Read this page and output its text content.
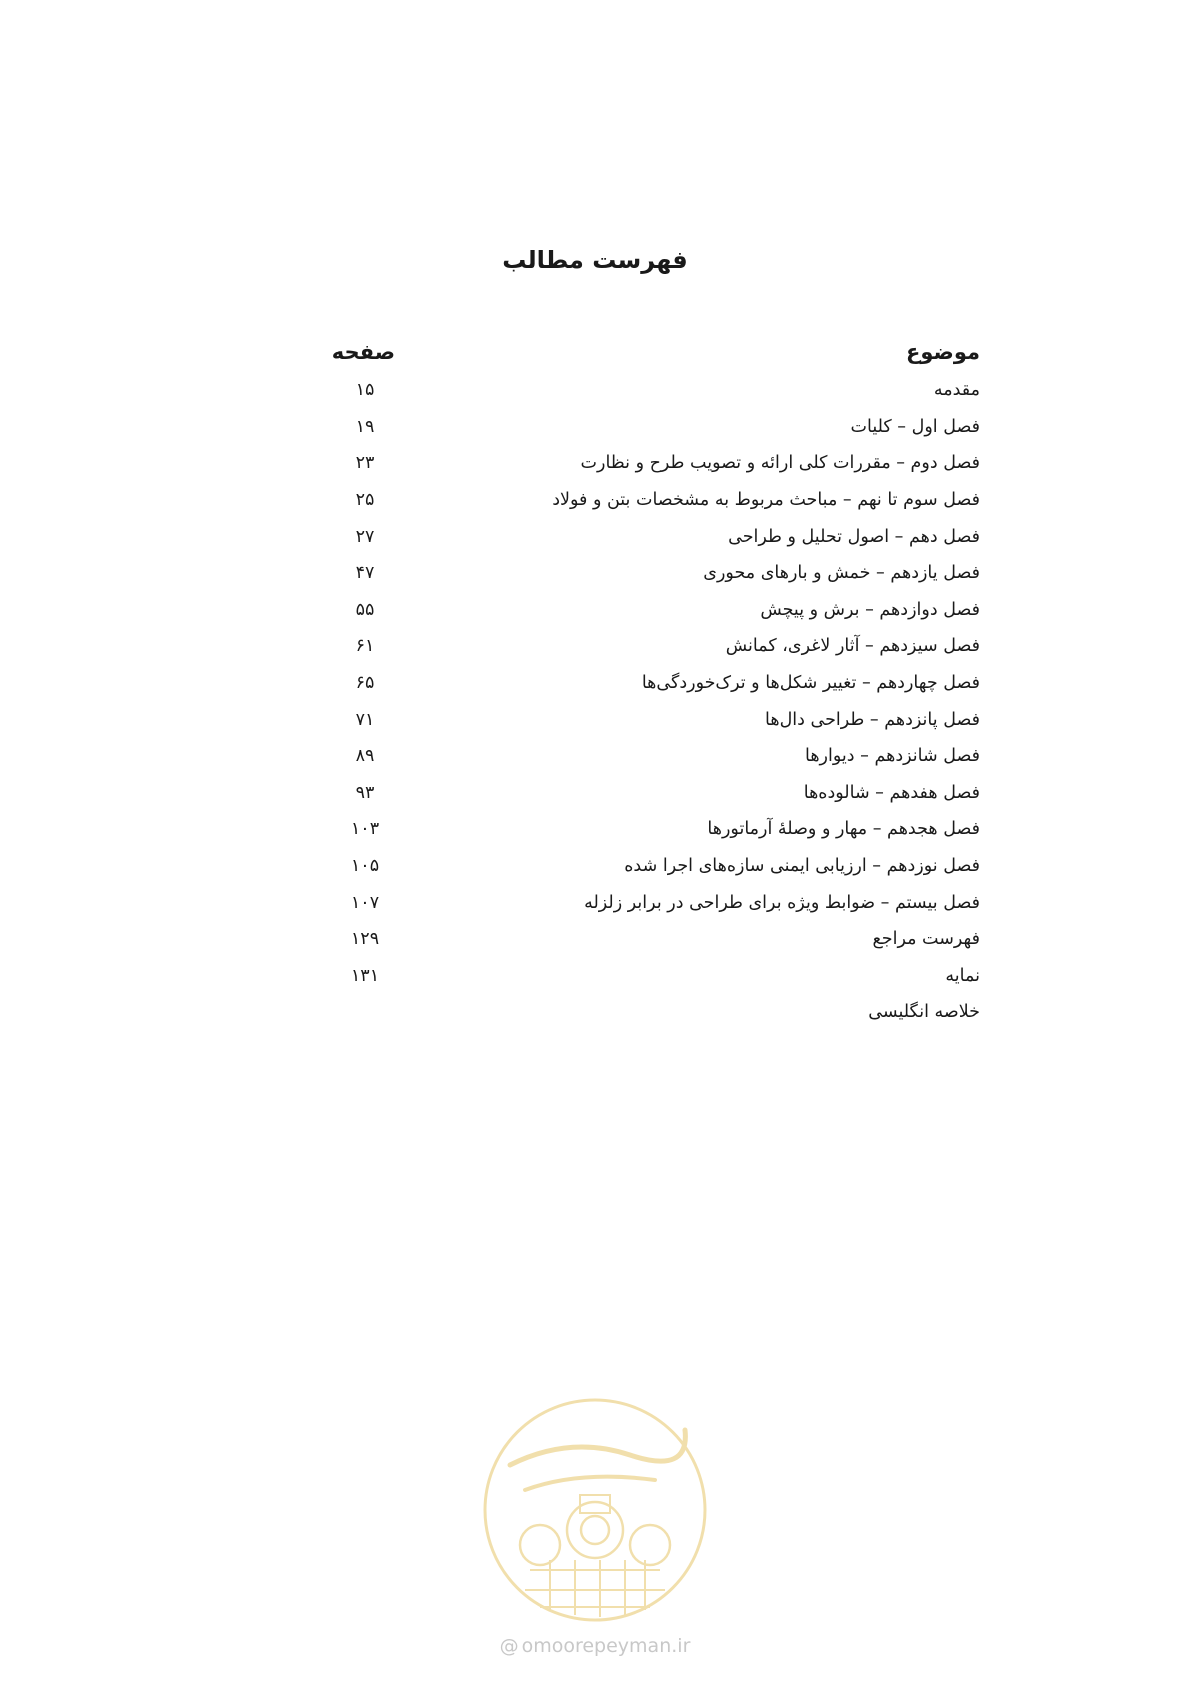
فهرست مطالب
موضوع
صفحه
مقدمه
۱۵
فصل اول – کلیات
۱۹
فصل دوم – مقررات کلی ارائه و تصویب طرح و نظارت
۲۳
فصل سوم تا نهم – مباحث مربوط به مشخصات بتن و فولاد
۲۵
فصل دهم – اصول تحلیل و طراحی
۲۷
فصل یازدهم – خمش و بارهای محوری
۴۷
فصل دوازدهم – برش و پیچش
۵۵
فصل سیزدهم – آثار لاغری، کمانش
۶۱
فصل چهاردهم – تغییر شکل‌ها و ترک‌خوردگی‌ها
۶۵
فصل پانزدهم – طراحی دال‌ها
۷۱
فصل شانزدهم – دیوارها
۸۹
فصل هفدهم – شالوده‌ها
۹۳
فصل هجدهم – مهار و وصلهٔ آرماتورها
۱۰۳
فصل نوزدهم – ارزیابی ایمنی سازه‌های اجرا شده
۱۰۵
فصل بیستم – ضوابط ویژه برای طراحی در برابر زلزله
۱۰۷
فهرست مراجع
۱۲۹
نمایه
۱۳۱
خلاصه انگلیسی
@ omoorepeyman.ir
